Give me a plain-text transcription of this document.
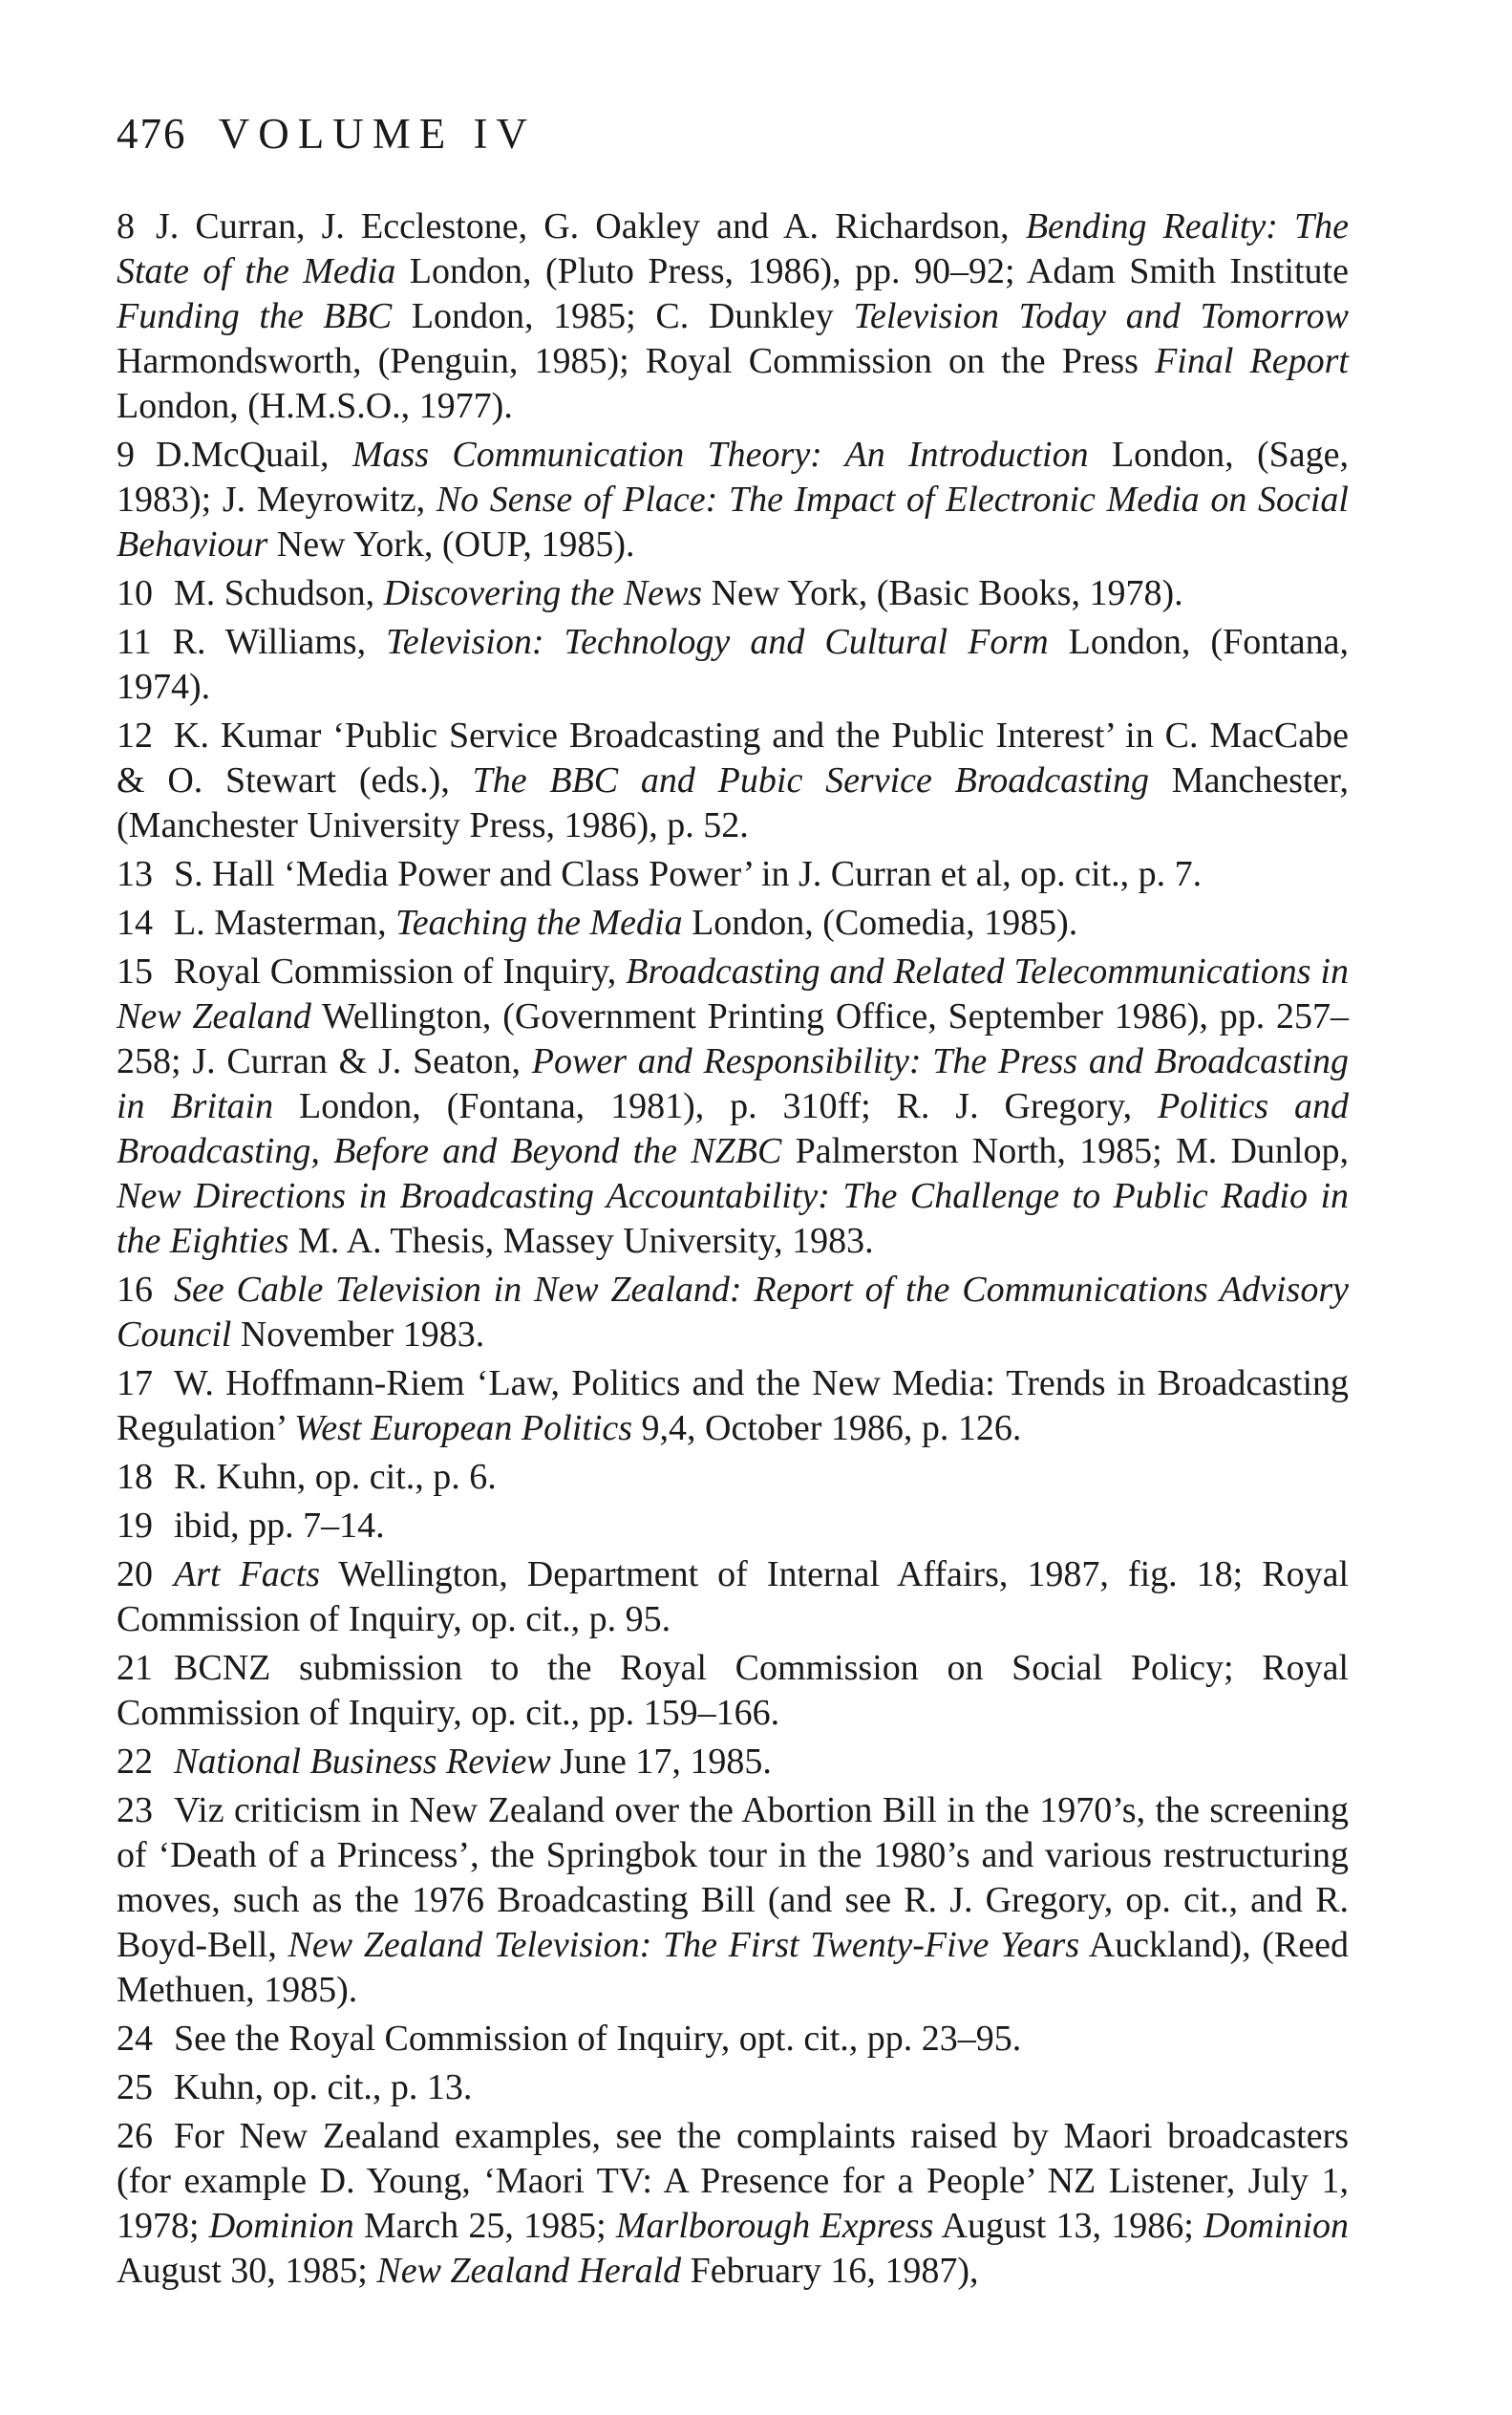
476 VOLUME IV

8 J. Curran, J. Ecclestone, G. Oakley and A. Richardson, Bending Reality: The State of the Media London, (Pluto Press, 1986), pp. 90–92; Adam Smith Institute Funding the BBC London, 1985; C. Dunkley Television Today and Tomorrow Harmondsworth, (Penguin, 1985); Royal Commission on the Press Final Report London, (H.M.S.O., 1977).

9 D.McQuail, Mass Communication Theory: An Introduction London, (Sage, 1983); J. Meyrowitz, No Sense of Place: The Impact of Electronic Media on Social Behaviour New York, (OUP, 1985).

10 M. Schudson, Discovering the News New York, (Basic Books, 1978).

11 R. Williams, Television: Technology and Cultural Form London, (Fontana, 1974).

12 K. Kumar ‘Public Service Broadcasting and the Public Interest’ in C. MacCabe & O. Stewart (eds.), The BBC and Pubic Service Broadcasting Manchester, (Manchester University Press, 1986), p. 52.

13 S. Hall ‘Media Power and Class Power’ in J. Curran et al, op. cit., p. 7.

14 L. Masterman, Teaching the Media London, (Comedia, 1985).

15 Royal Commission of Inquiry, Broadcasting and Related Telecommunications in New Zealand Wellington, (Government Printing Office, September 1986), pp. 257–258; J. Curran & J. Seaton, Power and Responsibility: The Press and Broadcasting in Britain London, (Fontana, 1981), p. 310ff; R. J. Gregory, Politics and Broadcasting, Before and Beyond the NZBC Palmerston North, 1985; M. Dunlop, New Directions in Broadcasting Accountability: The Challenge to Public Radio in the Eighties M. A. Thesis, Massey University, 1983.

16 See Cable Television in New Zealand: Report of the Communications Advisory Council November 1983.

17 W. Hoffmann-Riem ‘Law, Politics and the New Media: Trends in Broadcasting Regulation’ West European Politics 9,4, October 1986, p. 126.

18 R. Kuhn, op. cit., p. 6.

19 ibid, pp. 7–14.

20 Art Facts Wellington, Department of Internal Affairs, 1987, fig. 18; Royal Commission of Inquiry, op. cit., p. 95.

21 BCNZ submission to the Royal Commission on Social Policy; Royal Commission of Inquiry, op. cit., pp. 159–166.

22 National Business Review June 17, 1985.

23 Viz criticism in New Zealand over the Abortion Bill in the 1970’s, the screening of ‘Death of a Princess’, the Springbok tour in the 1980’s and various restructuring moves, such as the 1976 Broadcasting Bill (and see R. J. Gregory, op. cit., and R. Boyd-Bell, New Zealand Television: The First Twenty-Five Years Auckland), (Reed Methuen, 1985).

24 See the Royal Commission of Inquiry, opt. cit., pp. 23–95.

25 Kuhn, op. cit., p. 13.

26 For New Zealand examples, see the complaints raised by Maori broadcasters (for example D. Young, ‘Maori TV: A Presence for a People’ NZ Listener, July 1, 1978; Dominion March 25, 1985; Marlborough Express August 13, 1986; Dominion August 30, 1985; New Zealand Herald February 16, 1987),
